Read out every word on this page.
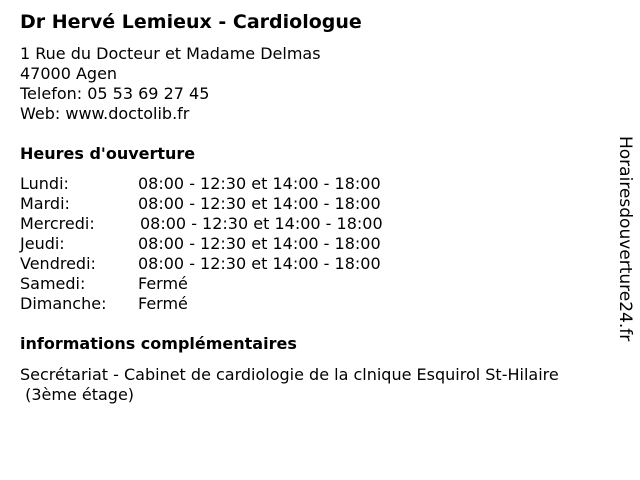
Dr Hervé Lemieux - Cardiologue
1 Rue du Docteur et Madame Delmas
47000 Agen
Telefon: 05 53 69 27 45
Web: www.doctolib.fr
Heures d'ouverture
Lundi:	08:00 - 12:30 et 14:00 - 18:00
Mardi:	08:00 - 12:30 et 14:00 - 18:00
Mercredi:	08:00 - 12:30 et 14:00 - 18:00
Jeudi:	08:00 - 12:30 et 14:00 - 18:00
Vendredi:	08:00 - 12:30 et 14:00 - 18:00
Samedi:	Fermé
Dimanche: Fermé
informations complémentaires
Secrétariat - Cabinet de cardiologie de la clnique Esquirol St-Hilaire
(3ème étage)
Horairesdouverture24.fr
